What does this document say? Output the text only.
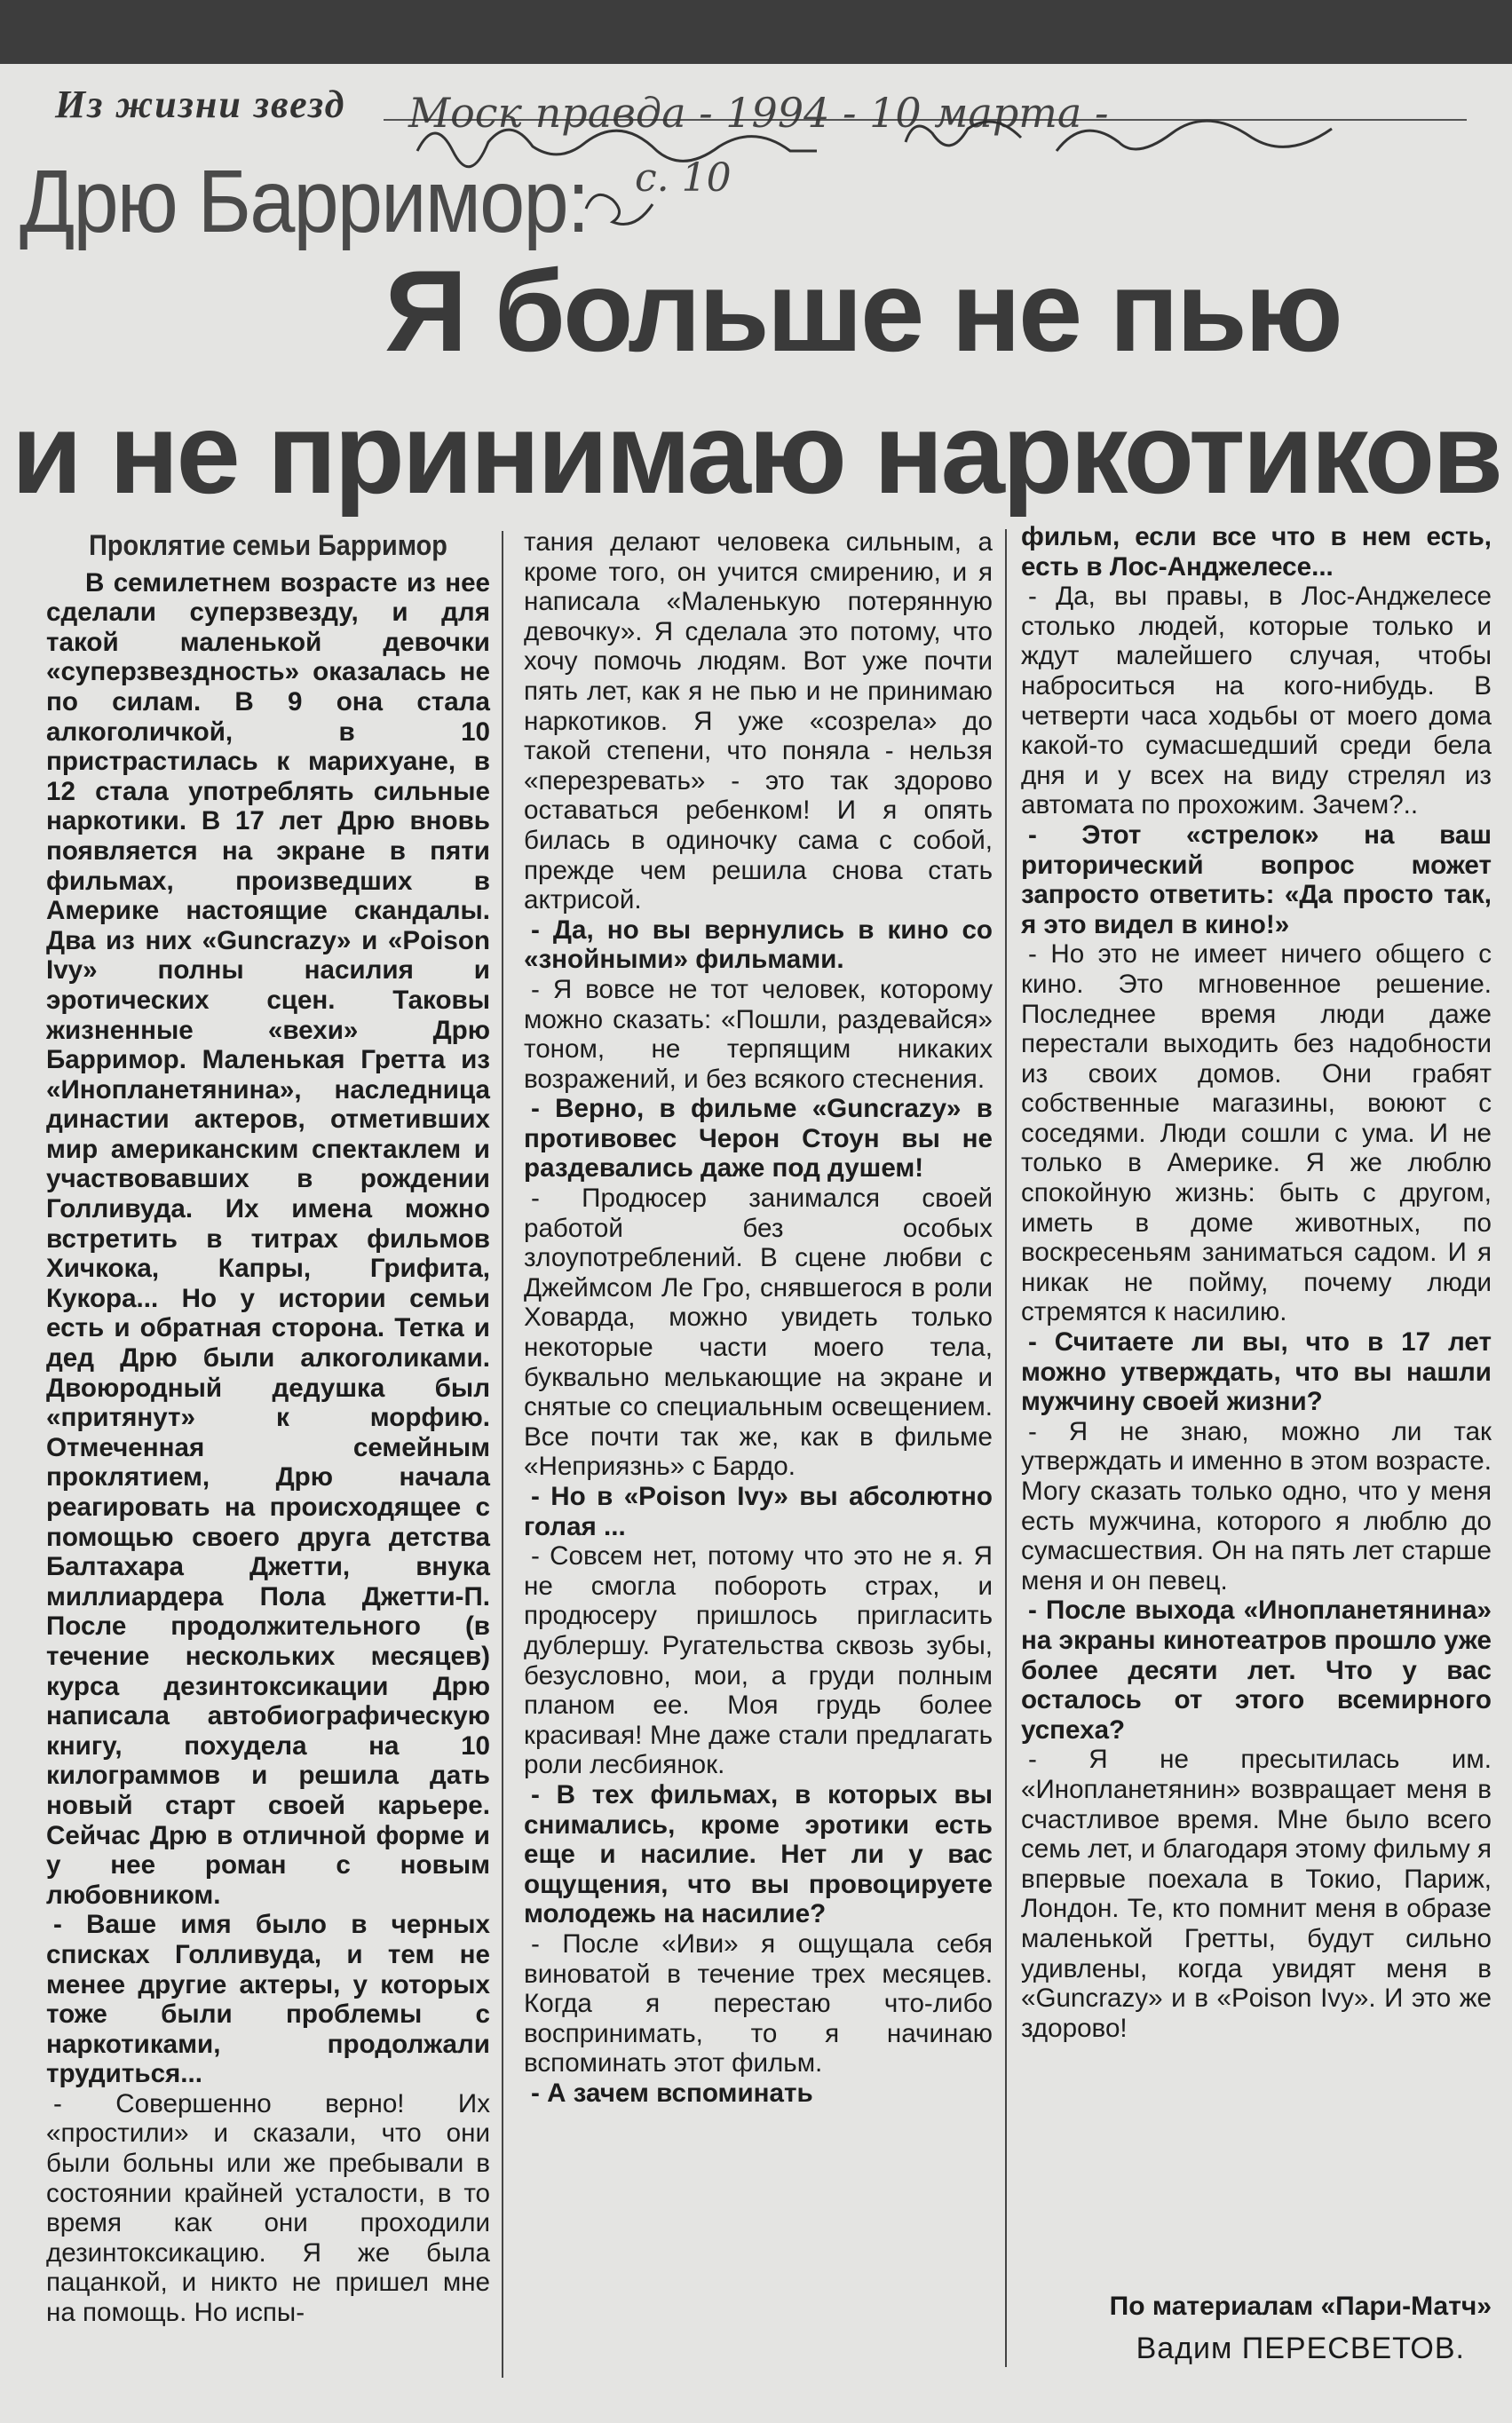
Из жизни звезд Моск правда - 1994 - 10 марта -
с. 10
Дрю Барримор:
Я больше не пью
и не принимаю наркотиков
Проклятие семьи Барримор

В семилетнем возрасте из нее сделали суперзвезду, и для такой маленькой девочки «суперзвездность» оказалась не по силам. В 9 она стала алкоголичкой, в 10 пристрастилась к марихуане, в 12 стала употреблять сильные наркотики. В 17 лет Дрю вновь появляется на экране в пяти фильмах, произведших в Америке настоящие скандалы. Два из них «Guncrazy» и «Poison Ivy» полны насилия и эротических сцен. Таковы жизненные «вехи» Дрю Барримор. Маленькая Гретта из «Инопланетянина», наследница династии актеров, отметивших мир американским спектаклем и участвовавших в рождении Голливуда. Их имена можно встретить в титрах фильмов Хичкока, Капры, Грифита, Кукора... Но у истории семьи есть и обратная сторона. Тетка и дед Дрю были алкоголиками. Двоюродный дедушка был «притянут» к морфию. Отмеченная семейным проклятием, Дрю начала реагировать на происходящее с помощью своего друга детства Балтахара Джетти, внука миллиардера Пола Джетти-П. После продолжительного (в течение нескольких месяцев) курса дезинтоксикации Дрю написала автобиографическую книгу, похудела на 10 килограммов и решила дать новый старт своей карьере. Сейчас Дрю в отличной форме и у нее роман с новым любовником.

- Ваше имя было в черных списках Голливуда, и тем не менее другие актеры, у которых тоже были проблемы с наркотиками, продолжали трудиться...

- Совершенно верно! Их «простили» и сказали, что они были больны или же пребывали в состоянии крайней усталости, в то время как они проходили дезинтоксикацию. Я же была пацанкой, и никто не пришел мне на помощь. Но испы-

тания делают человека сильным, а кроме того, он учится смирению, и я написала «Маленькую потерянную девочку». Я сделала это потому, что хочу помочь людям. Вот уже почти пять лет, как я не пью и не принимаю наркотиков. Я уже «созрела» до такой степени, что поняла - нельзя «перезревать» - это так здорово оставаться ребенком! И я опять билась в одиночку сама с собой, прежде чем решила снова стать актрисой.

- Да, но вы вернулись в кино со «знойными» фильмами.

- Я вовсе не тот человек, которому можно сказать: «Пошли, раздевайся» тоном, не терпящим никаких возражений, и без всякого стеснения.

- Верно, в фильме «Guncrazy» в противовес Черон Стоун вы не раздевались даже под душем!

- Продюсер занимался своей работой без особых злоупотреблений. В сцене любви с Джеймсом Ле Гро, снявшегося в роли Ховарда, можно увидеть только некоторые части моего тела, буквально мелькающие на экране и снятые со специальным освещением. Все почти так же, как в фильме «Неприязнь» с Бардо.

- Но в «Poison Ivy» вы абсолютно голая ...

- Совсем нет, потому что это не я. Я не смогла побороть страх, и продюсеру пришлось пригласить дублершу. Ругательства сквозь зубы, безусловно, мои, а груди полным планом ее. Моя грудь более красивая! Мне даже стали предлагать роли лесбиянок.

- В тех фильмах, в которых вы снимались, кроме эротики есть еще и насилие. Нет ли у вас ощущения, что вы провоцируете молодежь на насилие?

- После «Иви» я ощущала себя виноватой в течение трех месяцев. Когда я перестаю что-либо воспринимать, то я начинаю вспоминать этот фильм.

- А зачем вспоминать

фильм, если все что в нем есть, есть в Лос-Анджелесе...

- Да, вы правы, в Лос-Анджелесе столько людей, которые только и ждут малейшего случая, чтобы наброситься на кого-нибудь. В четверти часа ходьбы от моего дома какой-то сумасшедший среди бела дня и у всех на виду стрелял из автомата по прохожим. Зачем?..

- Этот «стрелок» на ваш риторический вопрос может запросто ответить: «Да просто так, я это видел в кино!»

- Но это не имеет ничего общего с кино. Это мгновенное решение. Последнее время люди даже перестали выходить без надобности из своих домов. Они грабят собственные магазины, воюют с соседями. Люди сошли с ума. И не только в Америке. Я же люблю спокойную жизнь: быть с другом, иметь в доме животных, по воскресеньям заниматься садом. И я никак не пойму, почему люди стремятся к насилию.

- Считаете ли вы, что в 17 лет можно утверждать, что вы нашли мужчину своей жизни?

- Я не знаю, можно ли так утверждать и именно в этом возрасте. Могу сказать только одно, что у меня есть мужчина, которого я люблю до сумасшествия. Он на пять лет старше меня и он певец.

- После выхода «Инопланетянина» на экраны кинотеатров прошло уже более десяти лет. Что у вас осталось от этого всемирного успеха?

- Я не пресытилась им. «Инопланетянин» возвращает меня в счастливое время. Мне было всего семь лет, и благодаря этому фильму я впервые поехала в Токио, Париж, Лондон. Те, кто помнит меня в образе маленькой Гретты, будут сильно удивлены, когда увидят меня в «Guncrazy» и в «Poison Ivy». И это же здорово!

По материалам «Пари-Матч»
Вадим ПЕРЕСВЕТОВ.
